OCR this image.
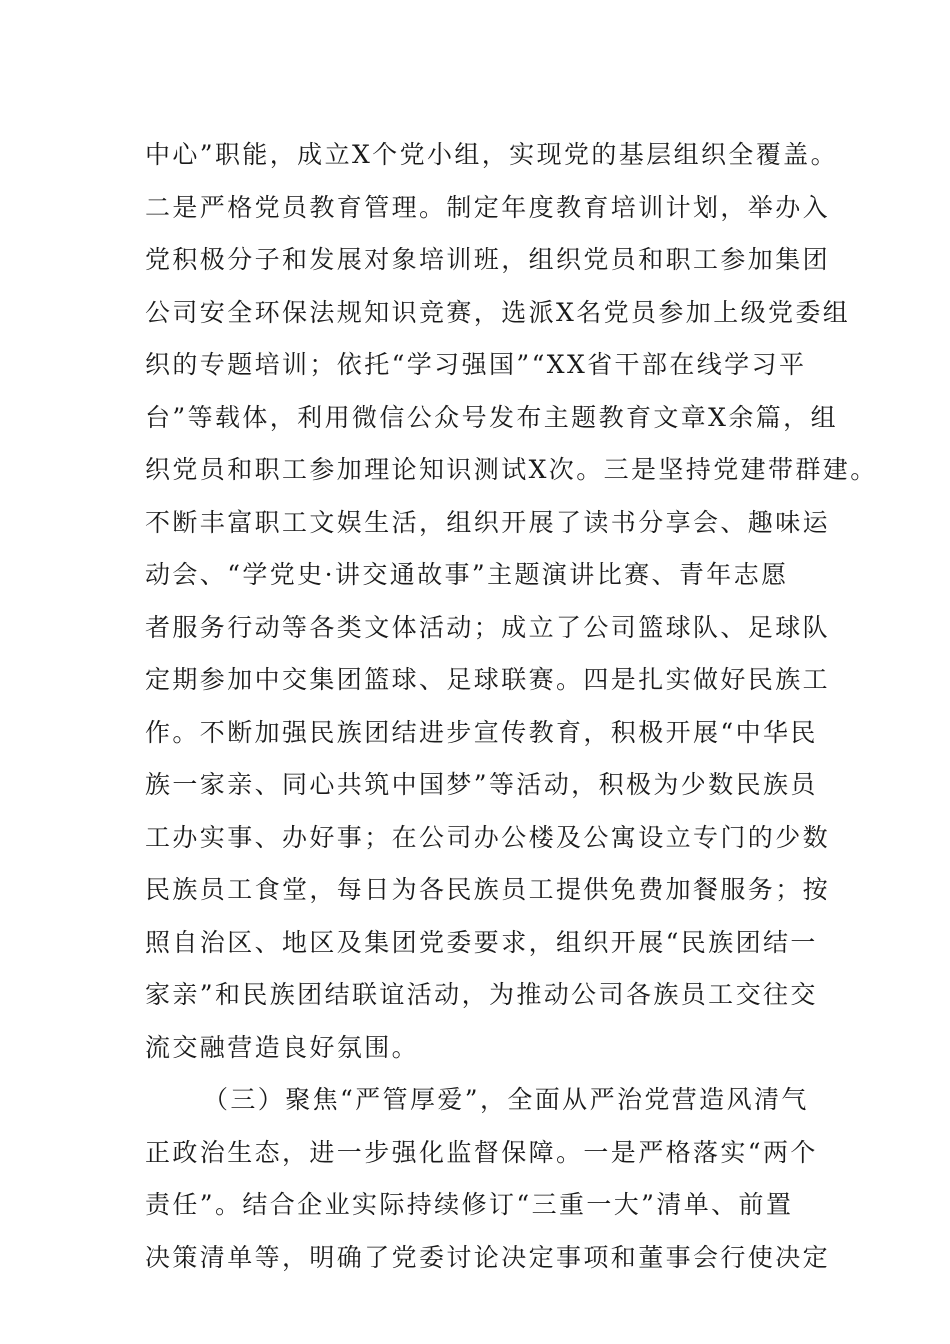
中心”职能，成立X个党小组，实现党的基层组织全覆盖。
二是严格党员教育管理。制定年度教育培训计划，举办入
党积极分子和发展对象培训班，组织党员和职工参加集团
公司安全环保法规知识竞赛，选派X名党员参加上级党委组
织的专题培训；依托“学习强国”“XX省干部在线学习平
台”等载体，利用微信公众号发布主题教育文章X余篇，组
织党员和职工参加理论知识测试X次。三是坚持党建带群建。
不断丰富职工文娱生活，组织开展了读书分享会、趣味运
动会、“学党史·讲交通故事”主题演讲比赛、青年志愿
者服务行动等各类文体活动；成立了公司篮球队、足球队
定期参加中交集团篮球、足球联赛。四是扎实做好民族工
作。不断加强民族团结进步宣传教育，积极开展“中华民
族一家亲、同心共筑中国梦”等活动，积极为少数民族员
工办实事、办好事；在公司办公楼及公寓设立专门的少数
民族员工食堂，每日为各民族员工提供免费加餐服务；按
照自治区、地区及集团党委要求，组织开展“民族团结一
家亲”和民族团结联谊活动，为推动公司各族员工交往交
流交融营造良好氛围。
（三）聚焦“严管厚爱”，全面从严治党营造风清气
正政治生态，进一步强化监督保障。一是严格落实“两个
责任”。结合企业实际持续修订“三重一大”清单、前置
决策清单等，明确了党委讨论决定事项和董事会行使决定
